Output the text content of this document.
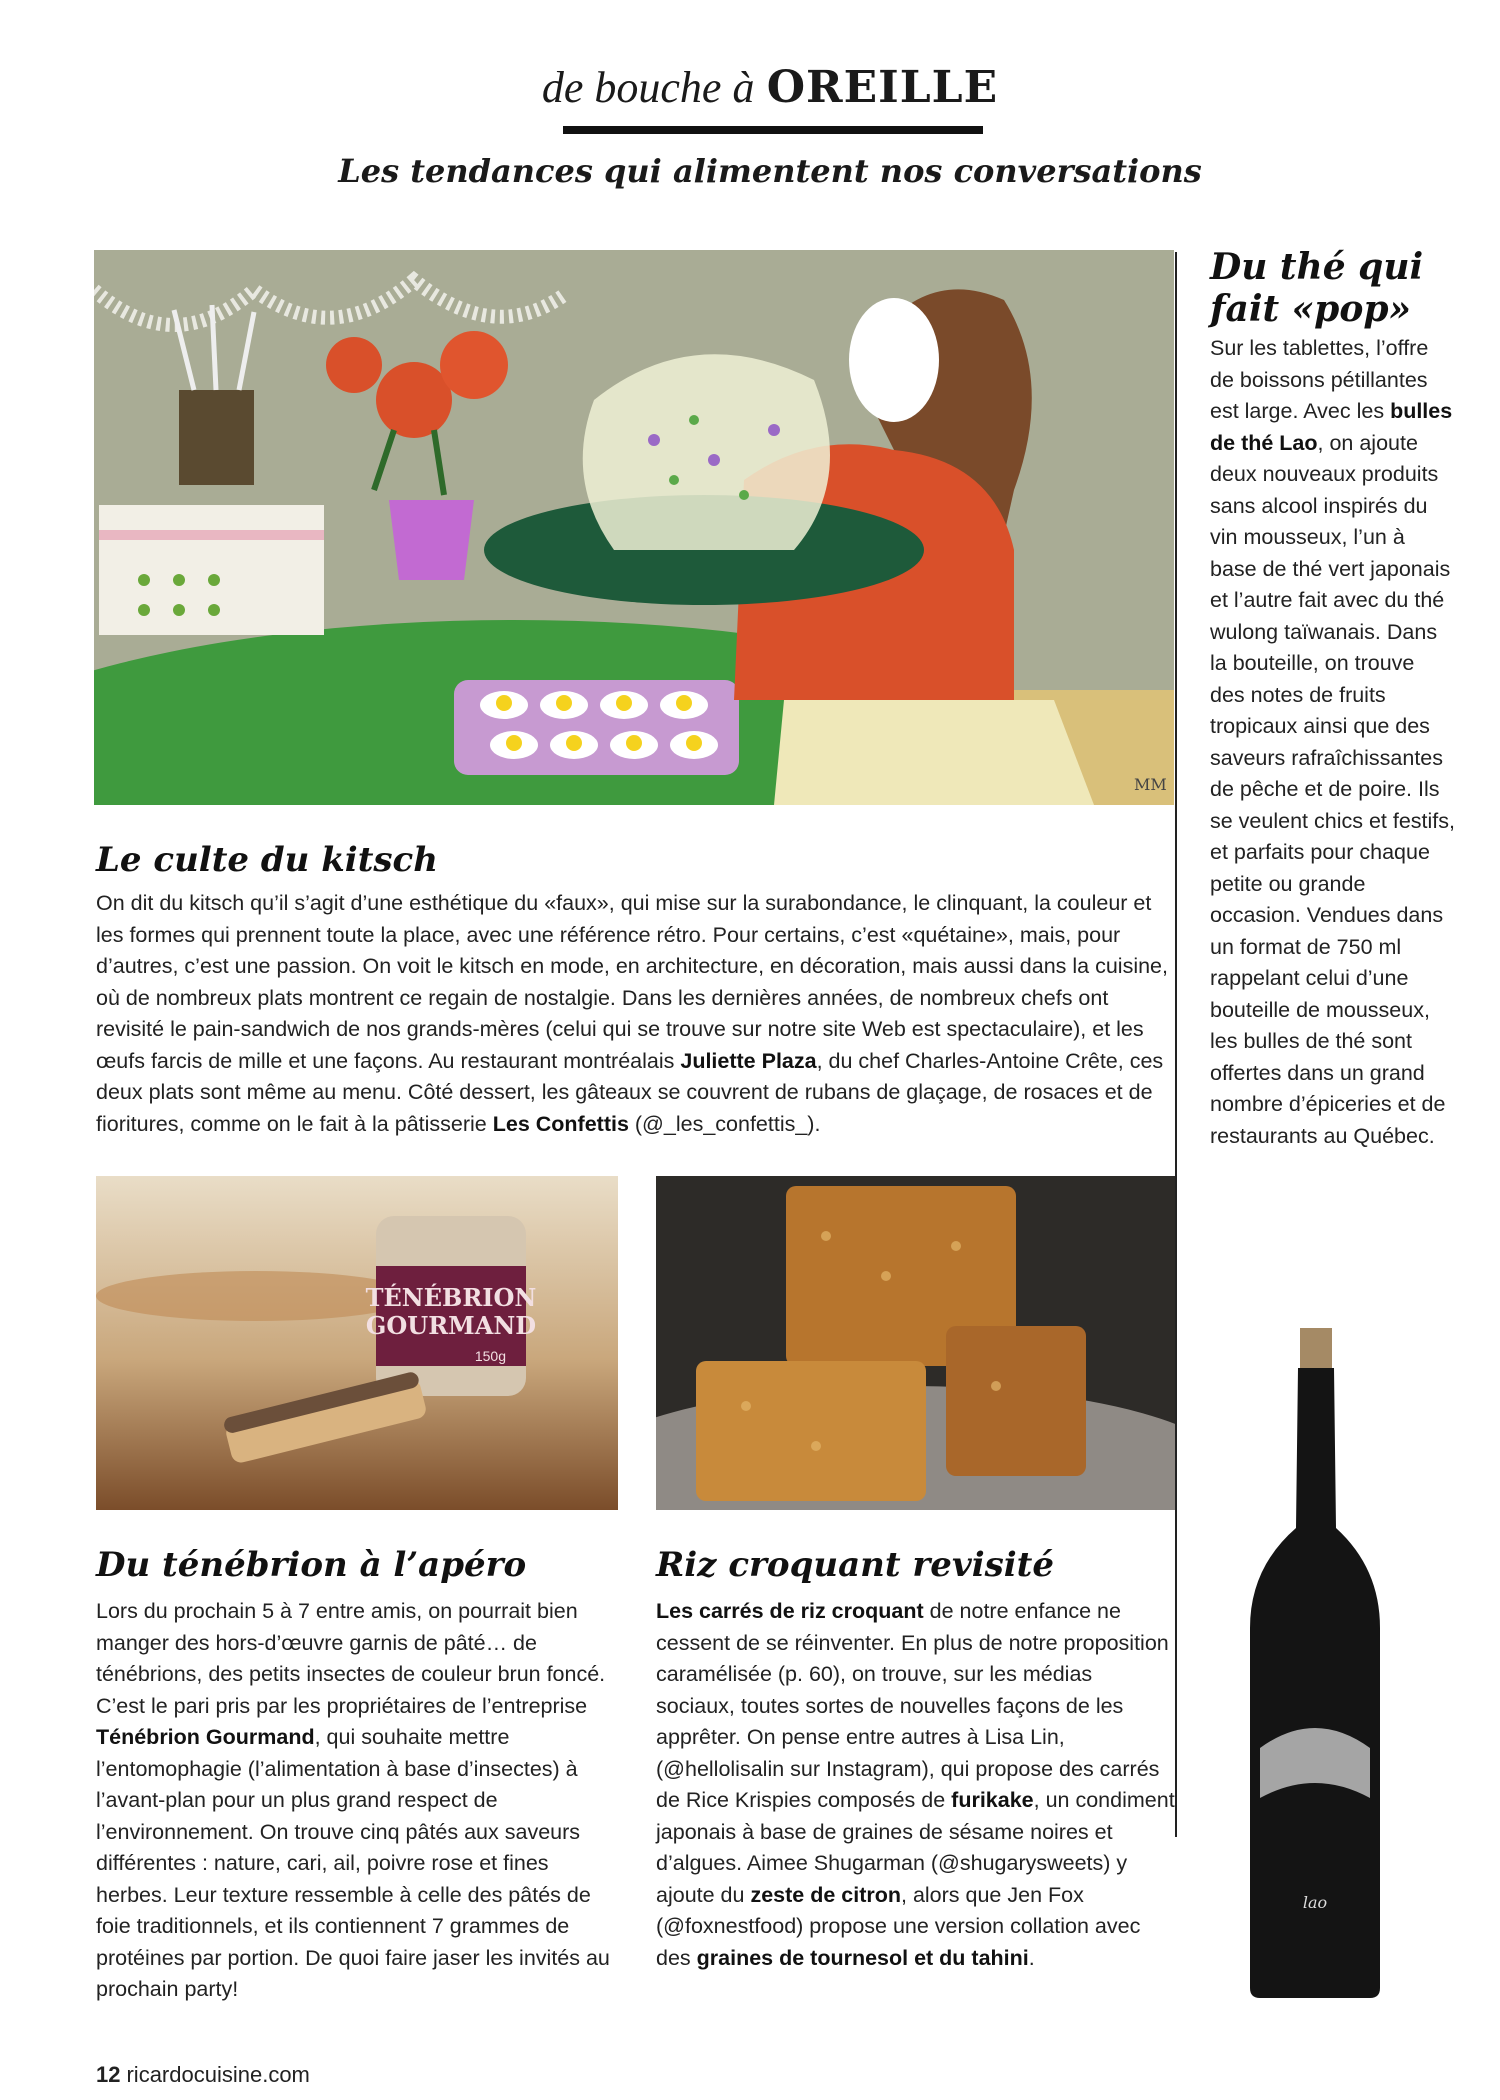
de bouche à OREILLE
Les tendances qui alimentent nos conversations
MM
Le culte du kitsch
On dit du kitsch qu’il s’agit d’une esthétique du «faux», qui mise sur la surabondance, le clinquant, la couleur et les formes qui prennent toute la place, avec une référence rétro. Pour certains, c’est «quétaine», mais, pour d’autres, c’est une passion. On voit le kitsch en mode, en architecture, en décoration, mais aussi dans la cuisine, où de nombreux plats montrent ce regain de nostalgie. Dans les dernières années, de nombreux chefs ont revisité le pain-sandwich de nos grands-mères (celui qui se trouve sur notre site Web est spectaculaire), et les œufs farcis de mille et une façons. Au restaurant montréalais Juliette Plaza, du chef Charles-Antoine Crête, ces deux plats sont même au menu. Côté dessert, les gâteaux se couvrent de rubans de glaçage, de rosaces et de fioritures, comme on le fait à la pâtisserie Les Confettis (@_les_confettis_).
TÉNÉBRION
GOURMAND
150g
Du ténébrion à l’apéro
Lors du prochain 5 à 7 entre amis, on pourrait bien manger des hors-d’œuvre garnis de pâté… de ténébrions, des petits insectes de couleur brun foncé. C’est le pari pris par les propriétaires de l’entreprise Ténébrion Gourmand, qui souhaite mettre l’entomophagie (l’alimentation à base d’insectes) à l’avant-plan pour un plus grand respect de l’environnement. On trouve cinq pâtés aux saveurs différentes : nature, cari, ail, poivre rose et fines herbes. Leur texture ressemble à celle des pâtés de foie traditionnels, et ils contiennent 7 grammes de protéines par portion. De quoi faire jaser les invités au prochain party!
Riz croquant revisité
Les carrés de riz croquant de notre enfance ne cessent de se réinventer. En plus de notre proposition caramélisée (p. 60), on trouve, sur les médias sociaux, toutes sortes de nouvelles façons de les apprêter. On pense entre autres à Lisa Lin, (@hellolisalin sur Instagram), qui propose des carrés de Rice Krispies composés de furikake, un condiment japonais à base de graines de sésame noires et d’algues. Aimee Shugarman (@shugarysweets) y ajoute du zeste de citron, alors que Jen Fox (@foxnestfood) propose une version collation avec des graines de tournesol et du tahini.
Du thé qui
fait «pop»
Sur les tablettes, l’offre de boissons pétillantes est large. Avec les bulles de thé Lao, on ajoute deux nouveaux produits sans alcool inspirés du vin mousseux, l’un à base de thé vert japonais et l’autre fait avec du thé wulong taïwanais. Dans la bouteille, on trouve des notes de fruits tropicaux ainsi que des saveurs rafraîchissantes de pêche et de poire. Ils se veulent chics et festifs, et parfaits pour chaque petite ou grande occasion. Vendues dans un format de 750 ml rappelant celui d’une bouteille de mousseux, les bulles de thé sont offertes dans un grand nombre d’épiceries et de restaurants au Québec.
lao
12 ricardocuisine.com
